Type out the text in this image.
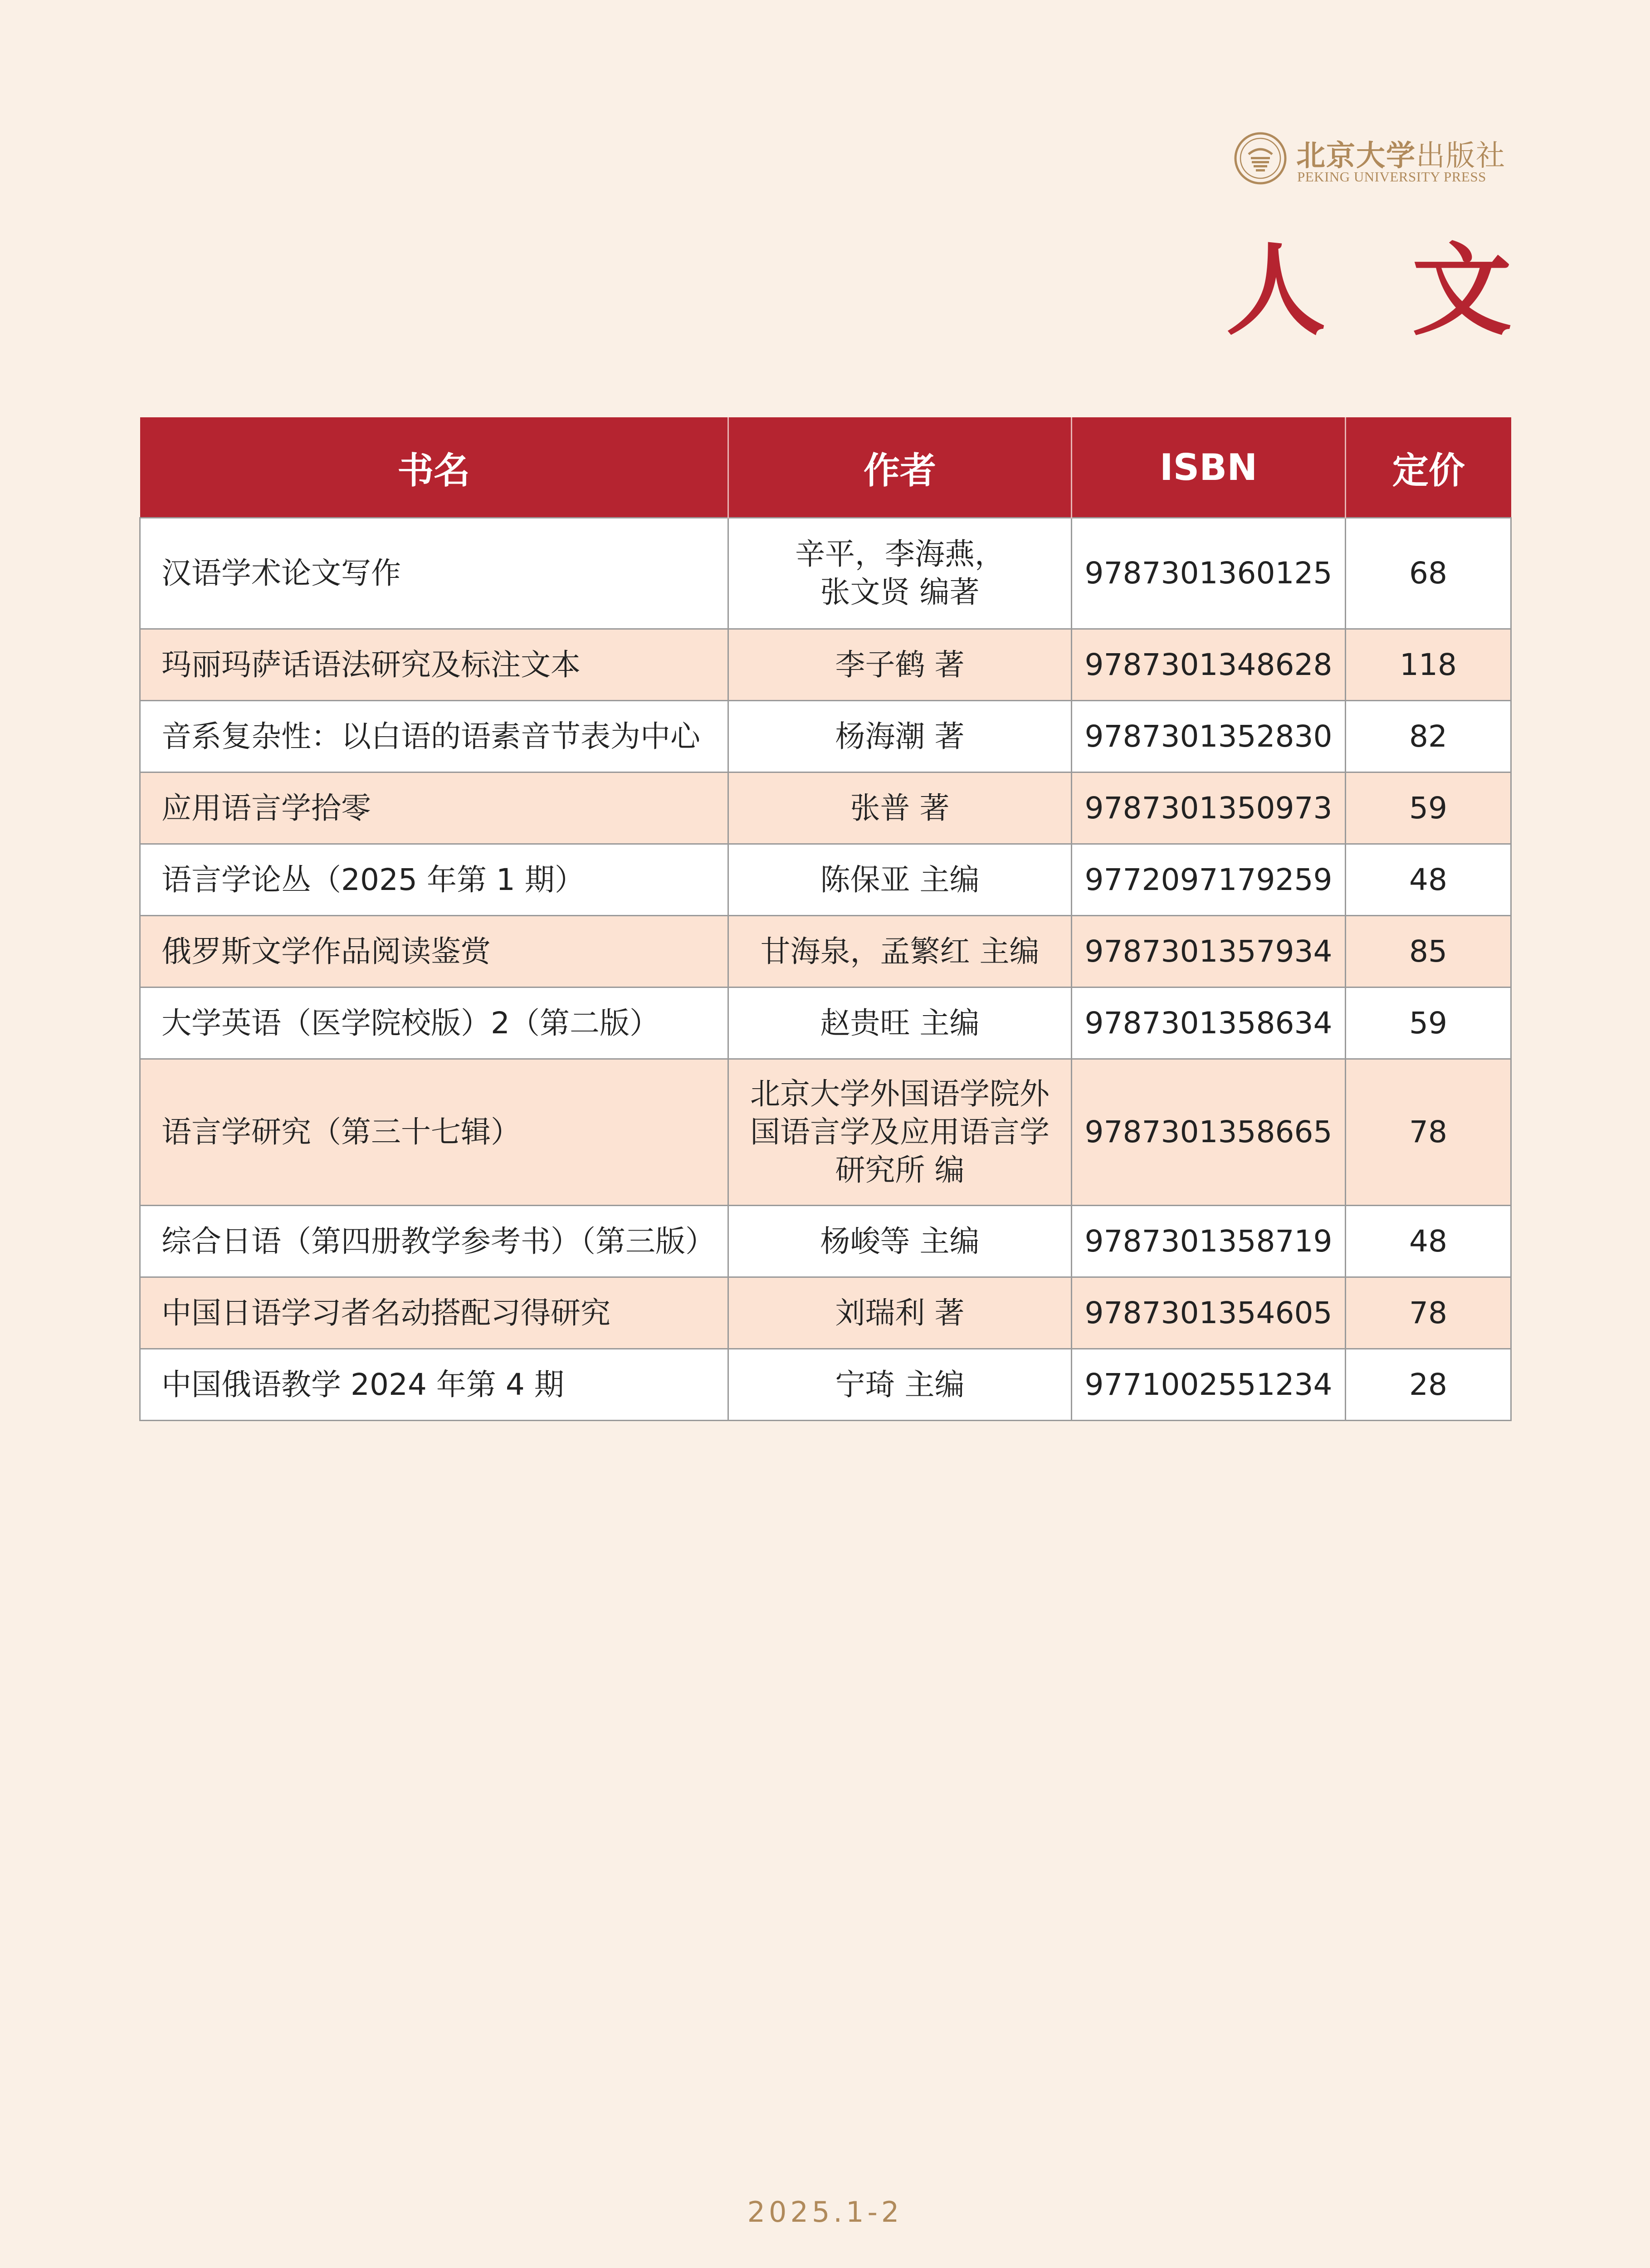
北京大学出版社
PEKING UNIVERSITY PRESS
人文
书名	作者	ISBN	定价
汉语学术论文写作	辛平，李海燕，
张文贤 编著	9787301360125	68
玛丽玛萨话语法研究及标注文本	李子鹤 著	9787301348628	118
音系复杂性：以白语的语素音节表为中心	杨海潮 著	9787301352830	82
应用语言学拾零	张普 著	9787301350973	59
语言学论丛（2025 年第 1 期）	陈保亚 主编	9772097179259	48
俄罗斯文学作品阅读鉴赏	甘海泉，孟繁红 主编	9787301357934	85
大学英语（医学院校版）2（第二版）	赵贵旺 主编	9787301358634	59
语言学研究（第三十七辑）	北京大学外国语学院外
国语言学及应用语言学
研究所 编	9787301358665	78
综合日语（第四册教学参考书）（第三版）	杨峻等 主编	9787301358719	48
中国日语学习者名动搭配习得研究	刘瑞利 著	9787301354605	78
中国俄语教学 2024 年第 4 期	宁琦 主编	9771002551234	28
2025.1-2
